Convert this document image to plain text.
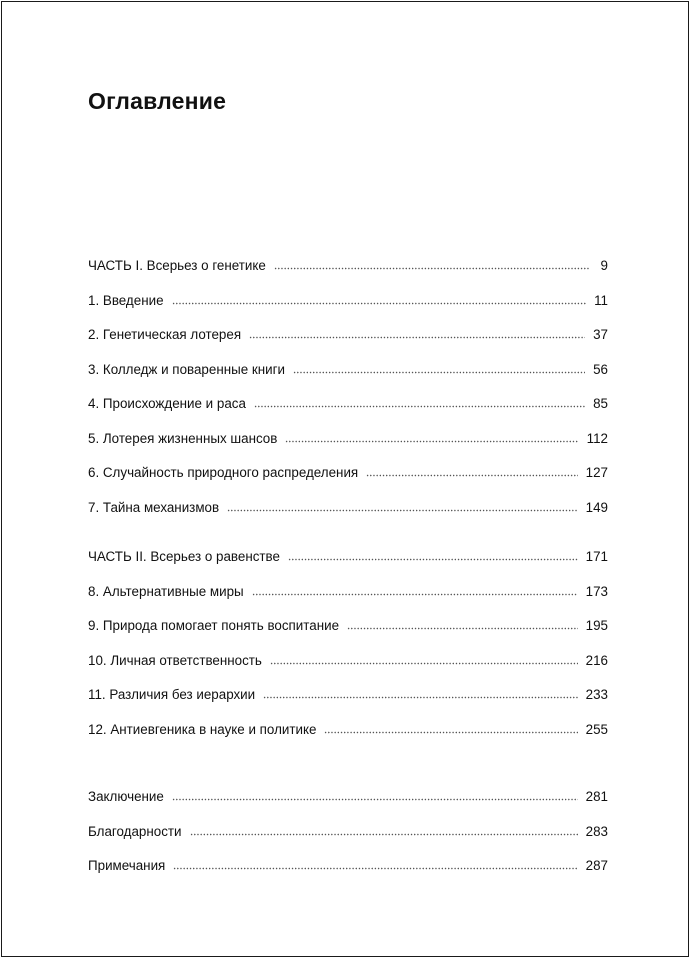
Оглавление
ЧАСТЬ I. Всерьез о генетике	9
1. Введение	11
2. Генетическая лотерея	37
3. Колледж и поваренные книги	56
4. Происхождение и раса	85
5. Лотерея жизненных шансов	112
6. Случайность природного распределения	127
7. Тайна механизмов	149
ЧАСТЬ II. Всерьез о равенстве	171
8. Альтернативные миры	173
9. Природа помогает понять воспитание	195
10. Личная ответственность	216
11. Различия без иерархии	233
12. Антиевгеника в науке и политике	255
Заключение	281
Благодарности	283
Примечания	287
